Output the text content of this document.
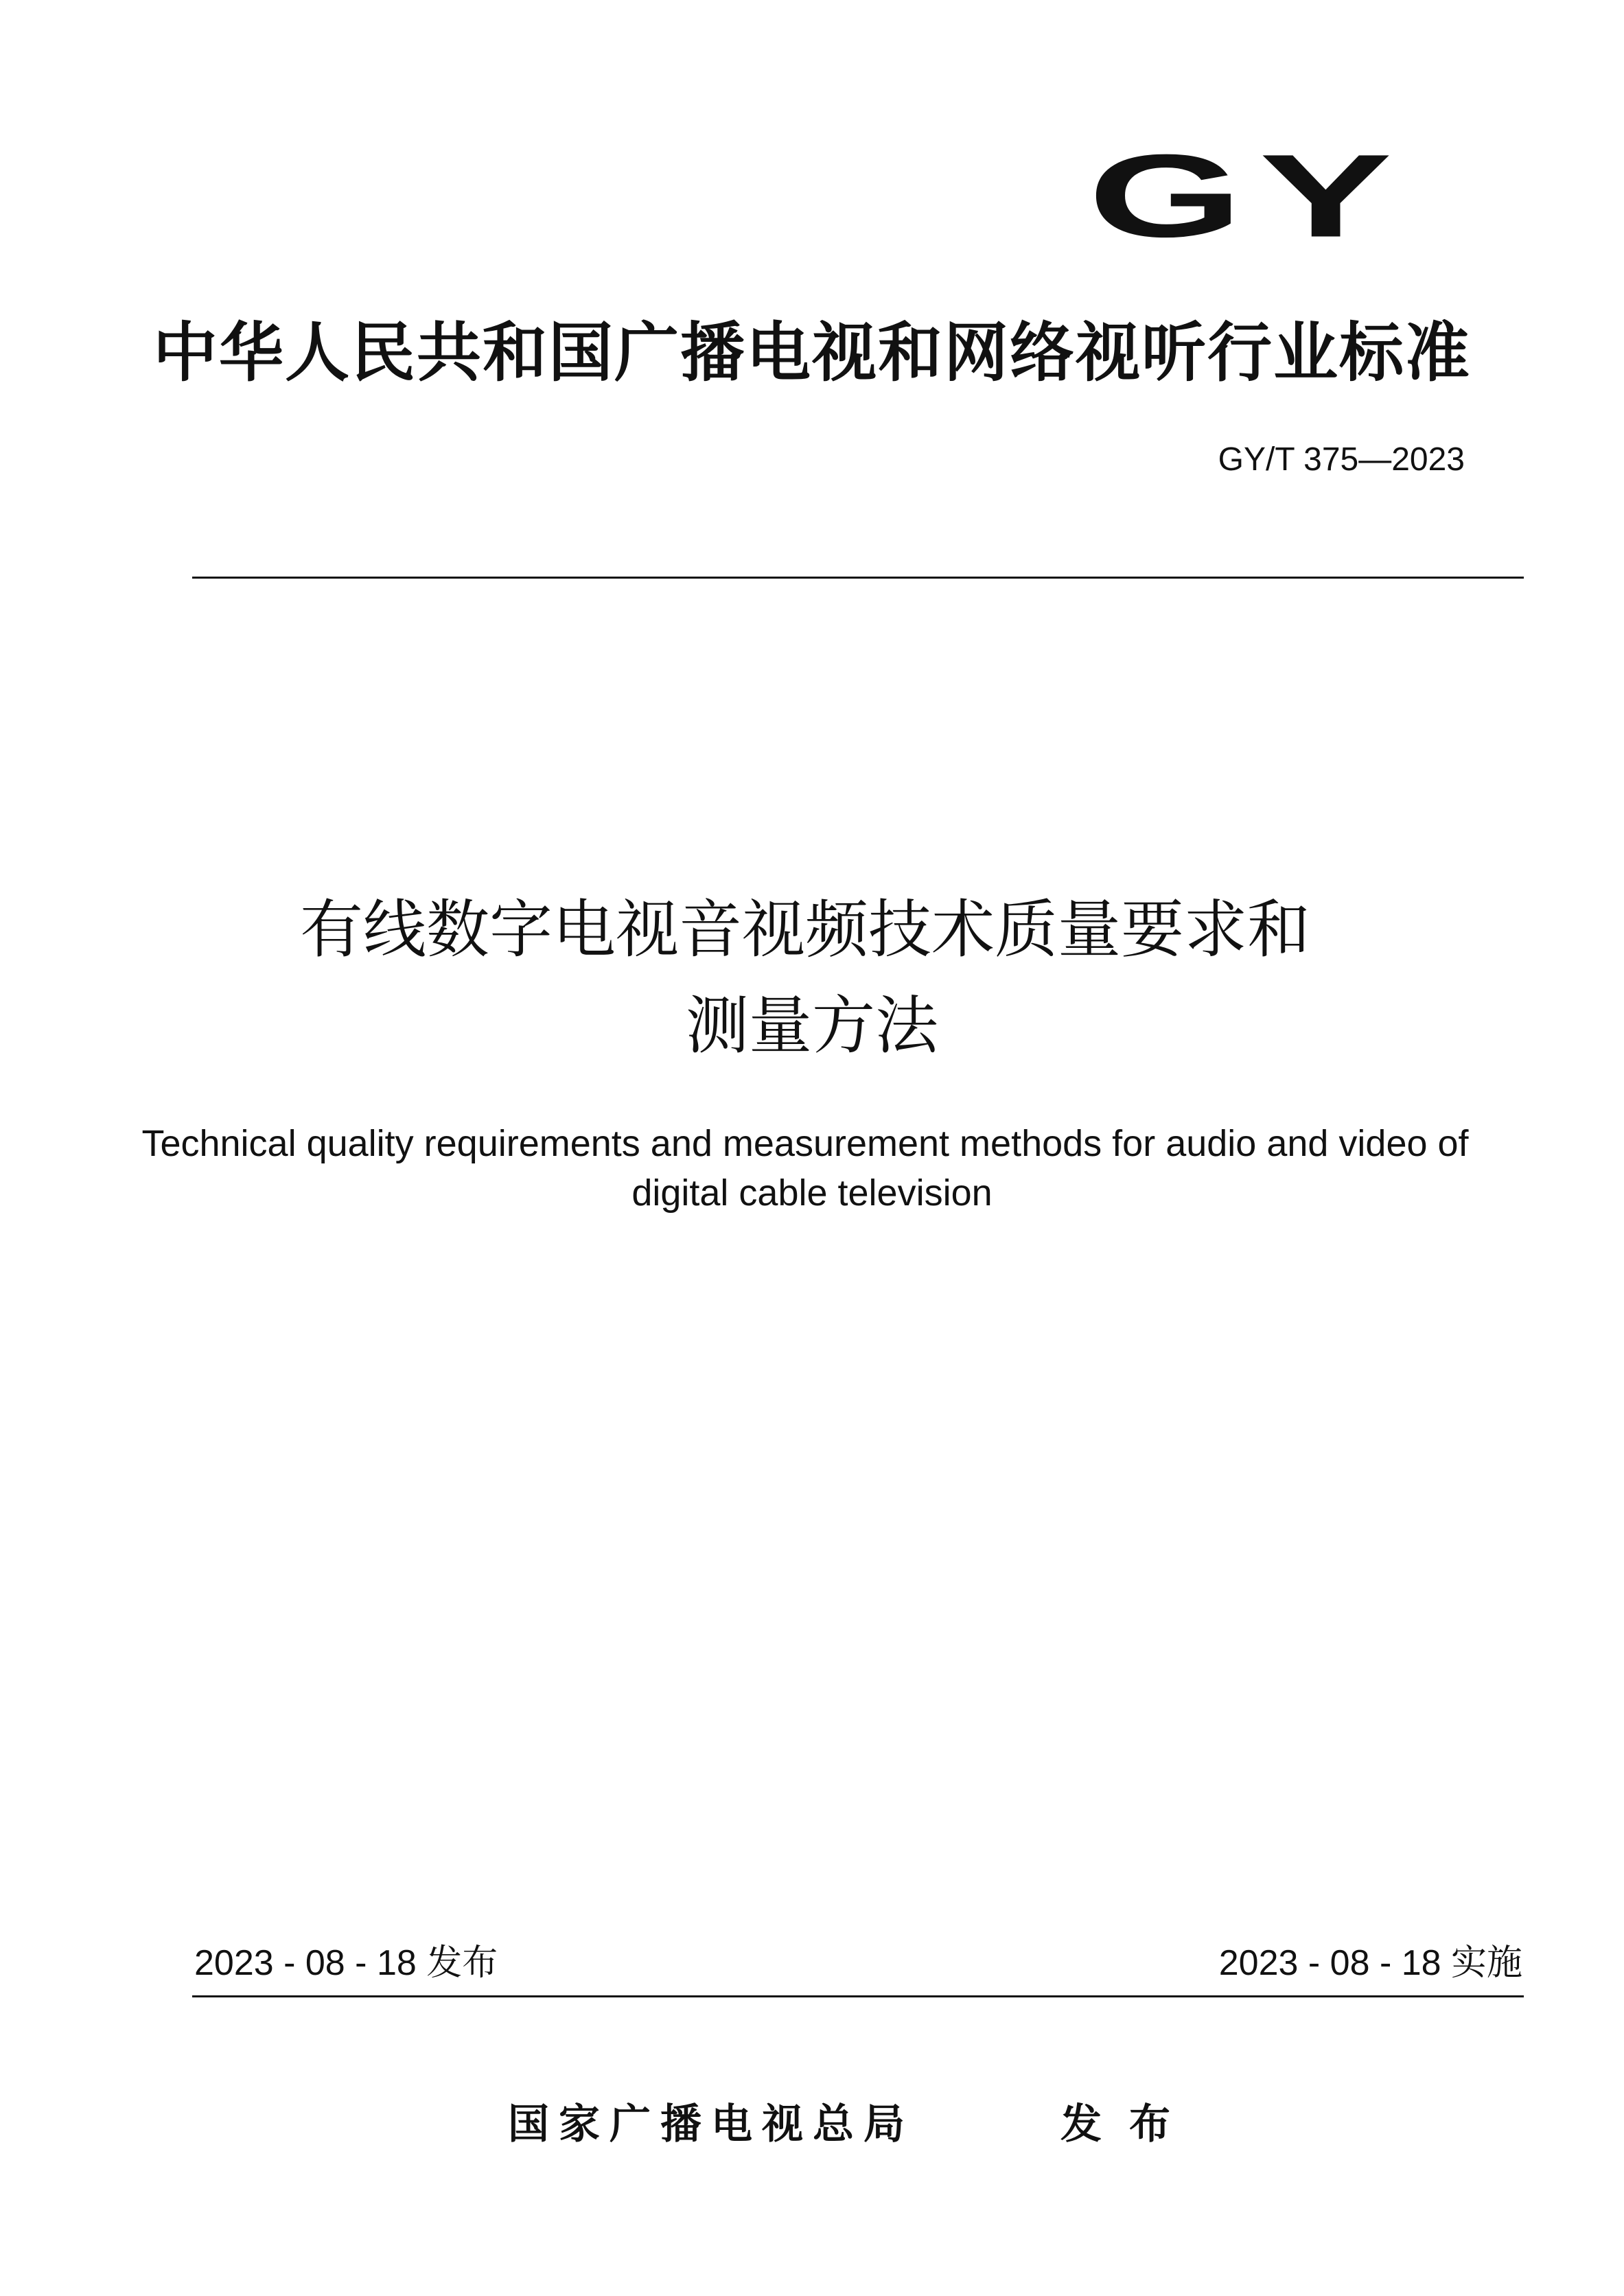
GY
中华人民共和国广播电视和网络视听行业标准
GY/T 375—2023
有线数字电视音视频技术质量要求和
测量方法
Technical quality requirements and measurement methods for audio and video of
digital cable television
2023 - 08 - 18 发布	2023 - 08 - 18 实施
国家广播电视总局	发布
